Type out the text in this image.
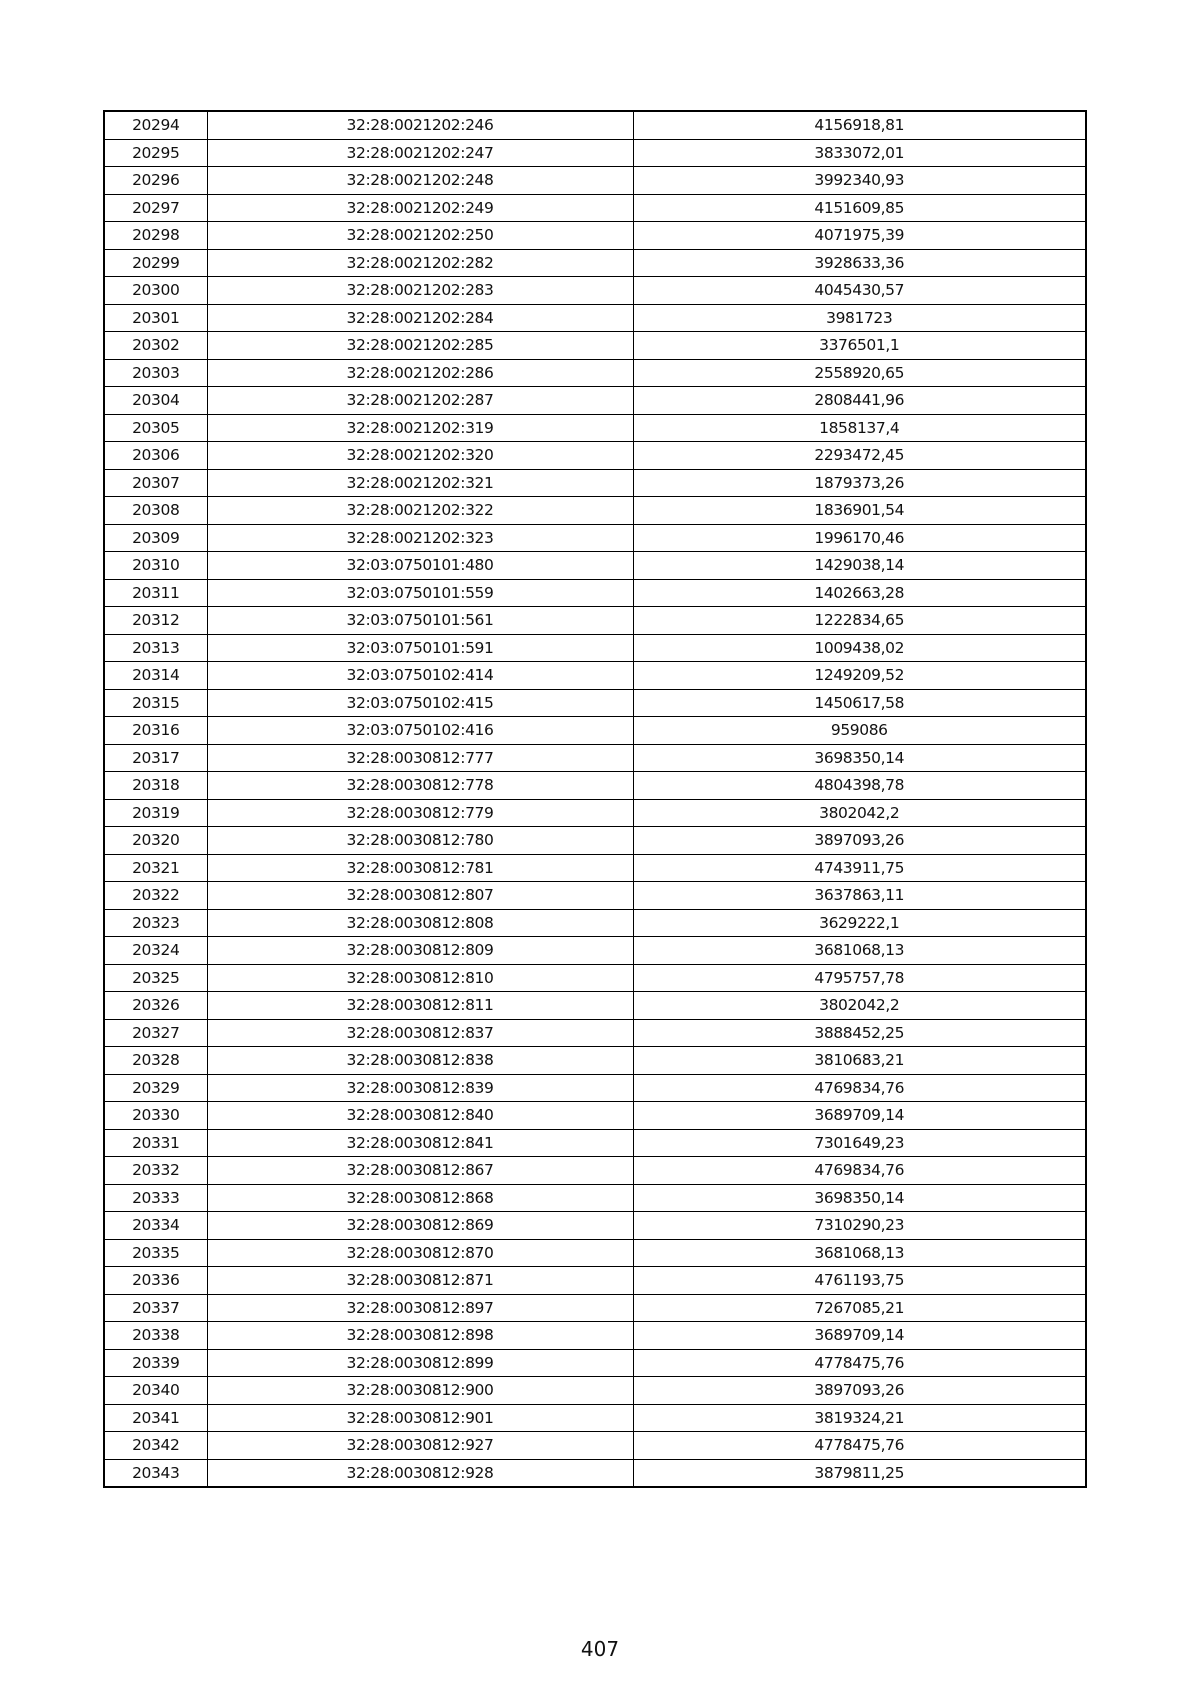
20294	32:28:0021202:246	4156918,81
20295	32:28:0021202:247	3833072,01
20296	32:28:0021202:248	3992340,93
20297	32:28:0021202:249	4151609,85
20298	32:28:0021202:250	4071975,39
20299	32:28:0021202:282	3928633,36
20300	32:28:0021202:283	4045430,57
20301	32:28:0021202:284	3981723
20302	32:28:0021202:285	3376501,1
20303	32:28:0021202:286	2558920,65
20304	32:28:0021202:287	2808441,96
20305	32:28:0021202:319	1858137,4
20306	32:28:0021202:320	2293472,45
20307	32:28:0021202:321	1879373,26
20308	32:28:0021202:322	1836901,54
20309	32:28:0021202:323	1996170,46
20310	32:03:0750101:480	1429038,14
20311	32:03:0750101:559	1402663,28
20312	32:03:0750101:561	1222834,65
20313	32:03:0750101:591	1009438,02
20314	32:03:0750102:414	1249209,52
20315	32:03:0750102:415	1450617,58
20316	32:03:0750102:416	959086
20317	32:28:0030812:777	3698350,14
20318	32:28:0030812:778	4804398,78
20319	32:28:0030812:779	3802042,2
20320	32:28:0030812:780	3897093,26
20321	32:28:0030812:781	4743911,75
20322	32:28:0030812:807	3637863,11
20323	32:28:0030812:808	3629222,1
20324	32:28:0030812:809	3681068,13
20325	32:28:0030812:810	4795757,78
20326	32:28:0030812:811	3802042,2
20327	32:28:0030812:837	3888452,25
20328	32:28:0030812:838	3810683,21
20329	32:28:0030812:839	4769834,76
20330	32:28:0030812:840	3689709,14
20331	32:28:0030812:841	7301649,23
20332	32:28:0030812:867	4769834,76
20333	32:28:0030812:868	3698350,14
20334	32:28:0030812:869	7310290,23
20335	32:28:0030812:870	3681068,13
20336	32:28:0030812:871	4761193,75
20337	32:28:0030812:897	7267085,21
20338	32:28:0030812:898	3689709,14
20339	32:28:0030812:899	4778475,76
20340	32:28:0030812:900	3897093,26
20341	32:28:0030812:901	3819324,21
20342	32:28:0030812:927	4778475,76
20343	32:28:0030812:928	3879811,25
407
